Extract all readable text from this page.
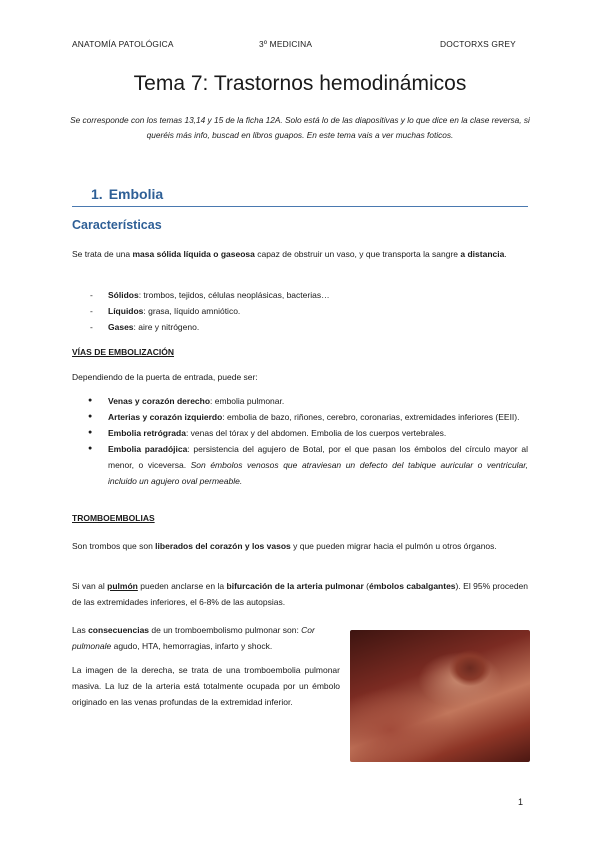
ANATOMÍA PATOLÓGICA	3º MEDICINA	DOCTORXS GREY
Tema 7: Trastornos hemodinámicos
Se corresponde con los temas 13,14 y 15 de la ficha 12A. Solo está lo de las diapositivas y lo que dice en la clase reversa, si queréis más info, buscad en libros guapos. En este tema vais a ver muchas foticos.
1. Embolia
Características
Se trata de una masa sólida líquida o gaseosa capaz de obstruir un vaso, y que transporta la sangre a distancia.
- Sólidos: trombos, tejidos, células neoplásicas, bacterias…
- Líquidos: grasa, líquido amniótico.
- Gases: aire y nitrógeno.
VÍAS DE EMBOLIZACIÓN
Dependiendo de la puerta de entrada, puede ser:
● Venas y corazón derecho: embolia pulmonar.
● Arterias y corazón izquierdo: embolia de bazo, riñones, cerebro, coronarias, extremidades inferiores (EEII).
● Embolia retrógrada: venas del tórax y del abdomen. Embolia de los cuerpos vertebrales.
● Embolia paradójica: persistencia del agujero de Botal, por el que pasan los émbolos del círculo mayor al menor, o viceversa. Son émbolos venosos que atraviesan un defecto del tabique auricular o ventricular, incluido un agujero oval permeable.
TROMBOEMBOLIAS
Son trombos que son liberados del corazón y los vasos y que pueden migrar hacia el pulmón u otros órganos.
Si van al pulmón pueden anclarse en la bifurcación de la arteria pulmonar (émbolos cabalgantes). El 95% proceden de las extremidades inferiores, el 6-8% de las autopsias.
Las consecuencias de un tromboembolismo pulmonar son: Cor pulmonale agudo, HTA, hemorragias, infarto y shock.
La imagen de la derecha, se trata de una tromboembolia pulmonar masiva. La luz de la arteria está totalmente ocupada por un émbolo originado en las venas profundas de la extremidad inferior.
1
